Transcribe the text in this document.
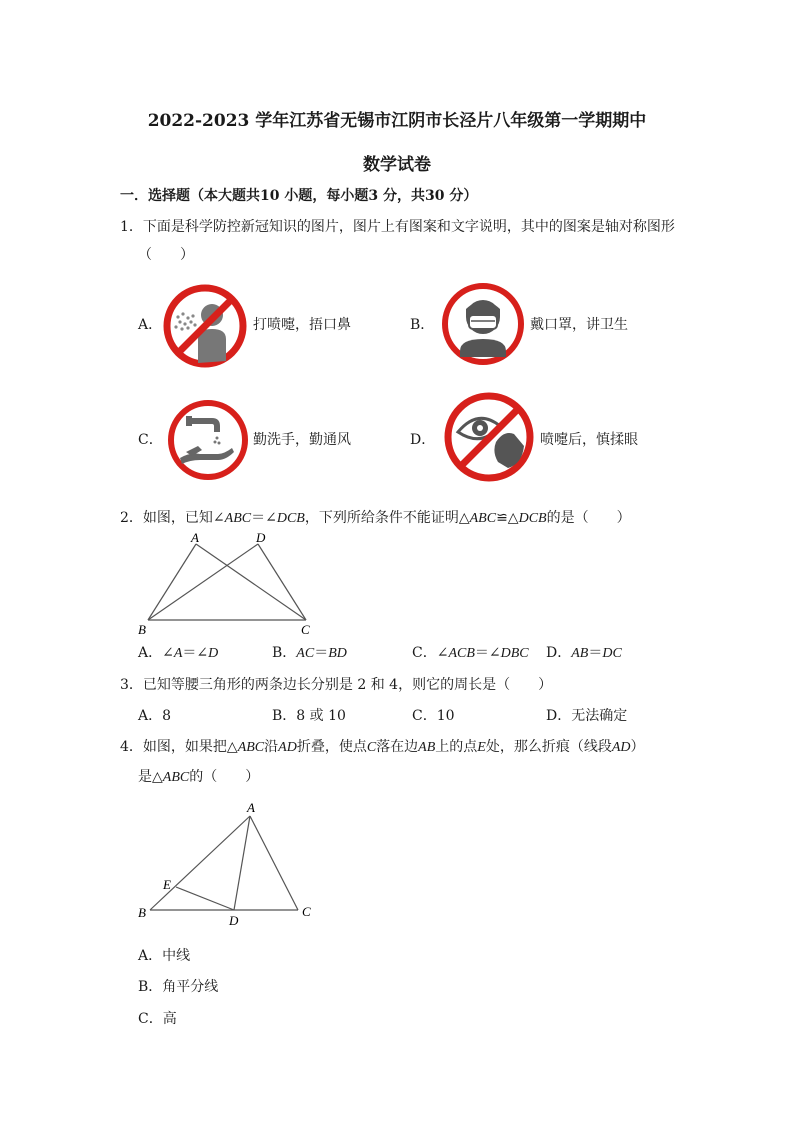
2022-2023 学年江苏省无锡市江阴市长泾片八年级第一学期期中
数学试卷
一．选择题（本大题共10 小题，每小题3 分，共30 分）
1．下面是科学防控新冠知识的图片，图片上有图案和文字说明，其中的图案是轴对称图形
（　　）
A．	打喷嚏，捂口鼻	B．	戴口罩，讲卫生
C．	勤洗手，勤通风	D．	喷嚏后，慎揉眼
2．如图，已知∠ABC＝∠DCB，下列所给条件不能证明△ABC≌△DCB的是（　　）
A	D
B	C
A．∠A＝∠D	B．AC＝BD	C．∠ACB＝∠DBC D．AB＝DC
3．已知等腰三角形的两条边长分别是 2 和 4，则它的周长是（　　）
A．8	B．8 或 10	C．10	D．无法确定
4．如图，如果把△ABC沿AD折叠，使点C落在边AB上的点E处，那么折痕（线段AD）
是△ABC的（　　）
A
E
B
D
C
A．中线
B．角平分线
C．高
